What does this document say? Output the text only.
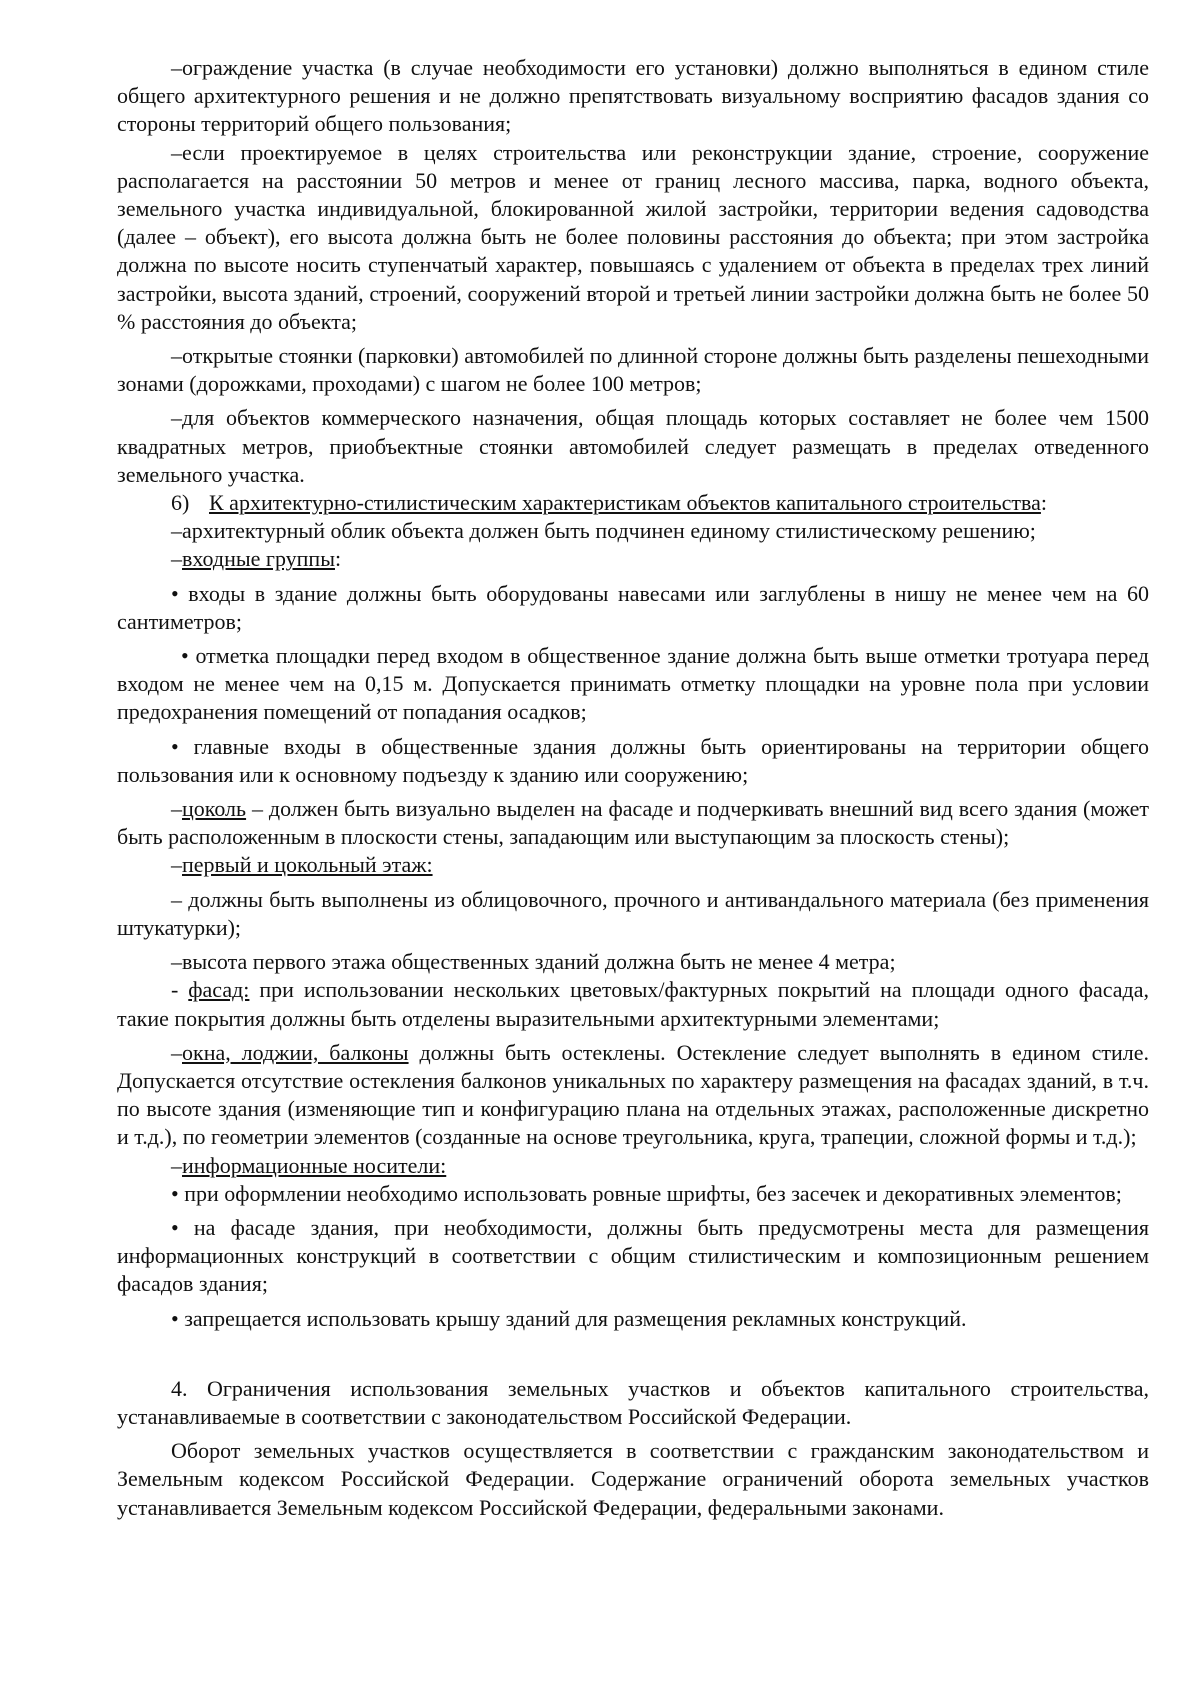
–ограждение участка (в случае необходимости его установки) должно выполняться в едином стиле общего архитектурного решения и не должно препятствовать визуальному восприятию фасадов здания со стороны территорий общего пользования;

–если проектируемое в целях строительства или реконструкции здание, строение, сооружение располагается на расстоянии 50 метров и менее от границ лесного массива, парка, водного объекта, земельного участка индивидуальной, блокированной жилой застройки, территории ведения садоводства (далее – объект), его высота должна быть не более половины расстояния до объекта; при этом застройка должна по высоте носить ступенчатый характер, повышаясь с удалением от объекта в пределах трех линий застройки, высота зданий, строений, сооружений второй и третьей линии застройки должна быть не более 50 % расстояния до объекта;

–открытые стоянки (парковки) автомобилей по длинной стороне должны быть разделены пешеходными зонами (дорожками, проходами) с шагом не более 100 метров;

–для объектов коммерческого назначения, общая площадь которых составляет не более чем 1500 квадратных метров, приобъектные стоянки автомобилей следует размещать в пределах отведенного земельного участка.

6) К архитектурно-стилистическим характеристикам объектов капитального строительства:

–архитектурный облик объекта должен быть подчинен единому стилистическому решению;

–входные группы:

• входы в здание должны быть оборудованы навесами или заглублены в нишу не менее чем на 60 сантиметров;

• отметка площадки перед входом в общественное здание должна быть выше отметки тротуара перед входом не менее чем на 0,15 м. Допускается принимать отметку площадки на уровне пола при условии предохранения помещений от попадания осадков;

• главные входы в общественные здания должны быть ориентированы на территории общего пользования или к основному подъезду к зданию или сооружению;

–цоколь – должен быть визуально выделен на фасаде и подчеркивать внешний вид всего здания (может быть расположенным в плоскости стены, западающим или выступающим за плоскость стены);

–первый и цокольный этаж:

– должны быть выполнены из облицовочного, прочного и антивандального материала (без применения штукатурки);

–высота первого этажа общественных зданий должна быть не менее 4 метра;

- фасад: при использовании нескольких цветовых/фактурных покрытий на площади одного фасада, такие покрытия должны быть отделены выразительными архитектурными элементами;

–окна, лоджии, балконы должны быть остеклены. Остекление следует выполнять в едином стиле. Допускается отсутствие остекления балконов уникальных по характеру размещения на фасадах зданий, в т.ч. по высоте здания (изменяющие тип и конфигурацию плана на отдельных этажах, расположенные дискретно и т.д.), по геометрии элементов (созданные на основе треугольника, круга, трапеции, сложной формы и т.д.);

–информационные носители:

• при оформлении необходимо использовать ровные шрифты, без засечек и декоративных элементов;

• на фасаде здания, при необходимости, должны быть предусмотрены места для размещения информационных конструкций в соответствии с общим стилистическим и композиционным решением фасадов здания;

• запрещается использовать крышу зданий для размещения рекламных конструкций.

4. Ограничения использования земельных участков и объектов капитального строительства, устанавливаемые в соответствии с законодательством Российской Федерации.

Оборот земельных участков осуществляется в соответствии с гражданским законодательством и Земельным кодексом Российской Федерации. Содержание ограничений оборота земельных участков устанавливается Земельным кодексом Российской Федерации, федеральными законами.
